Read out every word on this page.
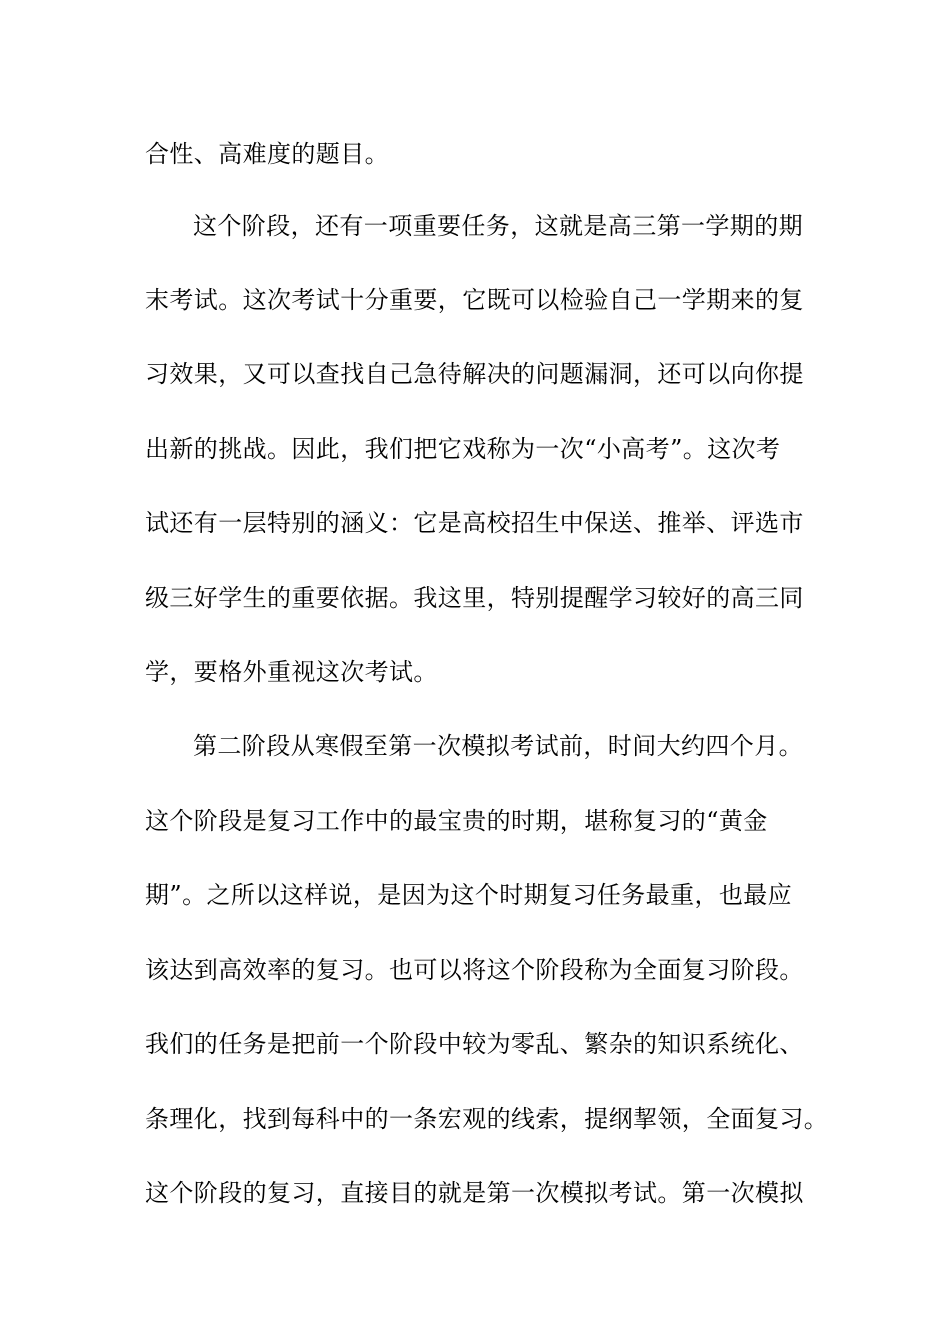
合性、高难度的题目。
这个阶段，还有一项重要任务，这就是高三第一学期的期
末考试。这次考试十分重要，它既可以检验自己一学期来的复
习效果，又可以查找自己急待解决的问题漏洞，还可以向你提
出新的挑战。因此，我们把它戏称为一次“小高考”。这次考
试还有一层特别的涵义：它是高校招生中保送、推举、评选市
级三好学生的重要依据。我这里，特别提醒学习较好的高三同
学，要格外重视这次考试。
第二阶段从寒假至第一次模拟考试前，时间大约四个月。
这个阶段是复习工作中的最宝贵的时期，堪称复习的“黄金
期”。之所以这样说，是因为这个时期复习任务最重，也最应
该达到高效率的复习。也可以将这个阶段称为全面复习阶段。
我们的任务是把前一个阶段中较为零乱、繁杂的知识系统化、
条理化，找到每科中的一条宏观的线索，提纲挈领，全面复习。
这个阶段的复习，直接目的就是第一次模拟考试。第一次模拟
